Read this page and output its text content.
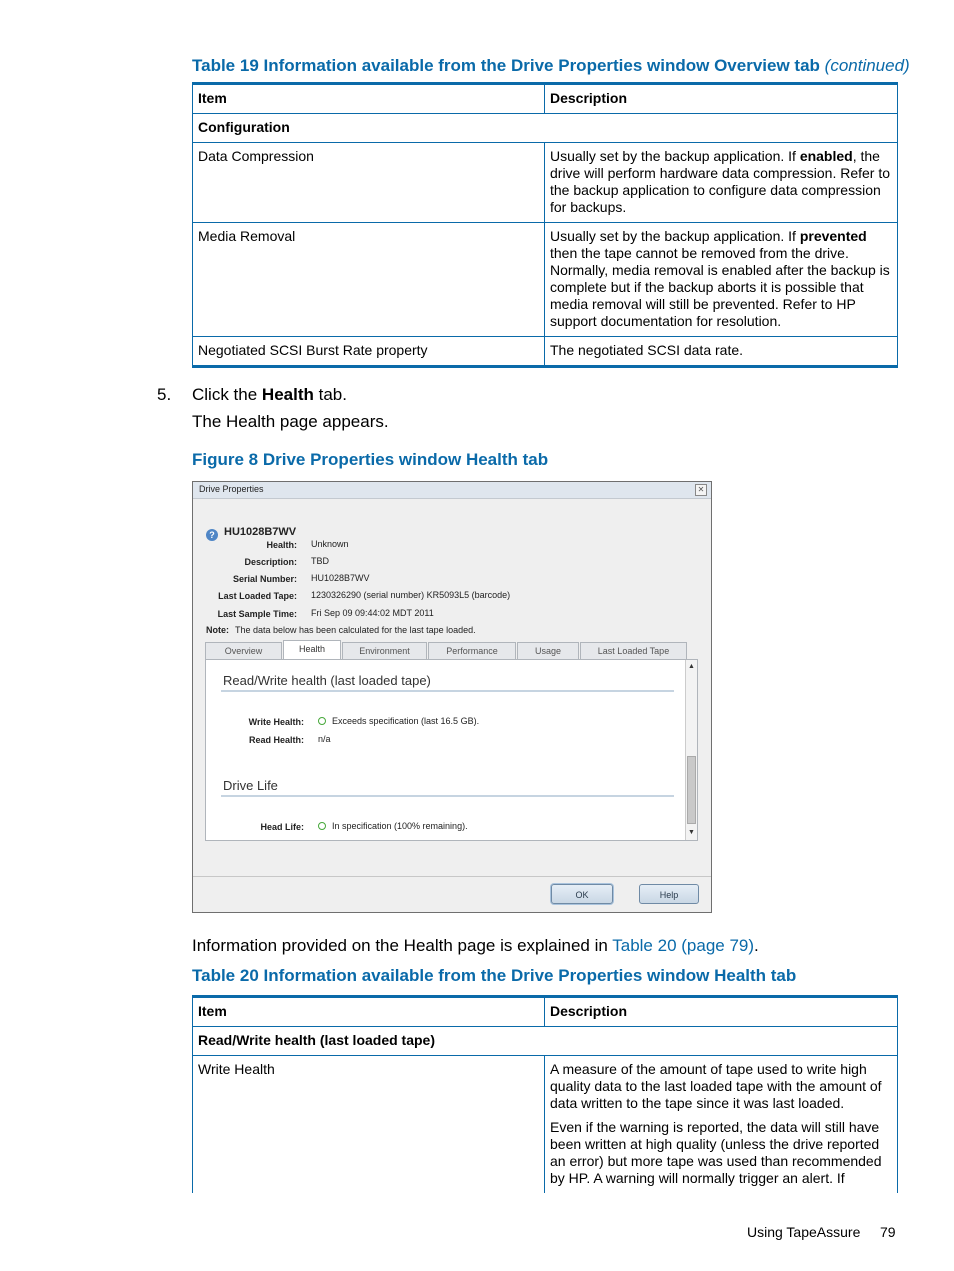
Table 19 Information available from the Drive Properties window Overview tab (continued)
Item	Description
Configuration	
Data Compression	Usually set by the backup application. If enabled, the drive will perform hardware data compression. Refer to the backup application to configure data compression for backups.
Media Removal	Usually set by the backup application. If prevented then the tape cannot be removed from the drive. Normally, media removal is enabled after the backup is complete but if the backup aborts it is possible that media removal will still be prevented. Refer to HP support documentation for resolution.
Negotiated SCSI Burst Rate property	The negotiated SCSI data rate.
5. Click the Health tab.
The Health page appears.
Figure 8 Drive Properties window Health tab
Drive Properties	✕
? HU1028B7WV
Health: Unknown
Description: TBD
Serial Number: HU1028B7WV
Last Loaded Tape: 1230326290 (serial number) KR5093L5 (barcode)
Last Sample Time: Fri Sep 09 09:44:02 MDT 2011
Note: The data below has been calculated for the last tape loaded.
Overview	Health	Environment	Performance	Usage	Last Loaded Tape
Read/Write health (last loaded tape)
Write Health:	Exceeds specification (last 16.5 GB).
Read Health: n/a
Drive Life
Head Life:	In specification (100% remaining).
▲
▼
OK	Help
Information provided on the Health page is explained in Table 20 (page 79).
Table 20 Information available from the Drive Properties window Health tab
Item	Description
Read/Write health (last loaded tape)	
Write Health	A measure of the amount of tape used to write high quality data to the last loaded tape with the amount of data written to the tape since it was last loaded.

Even if the warning is reported, the data will still have been written at high quality (unless the drive reported an error) but more tape was used than recommended by HP. A warning will normally trigger an alert. If

Using TapeAssure 79
